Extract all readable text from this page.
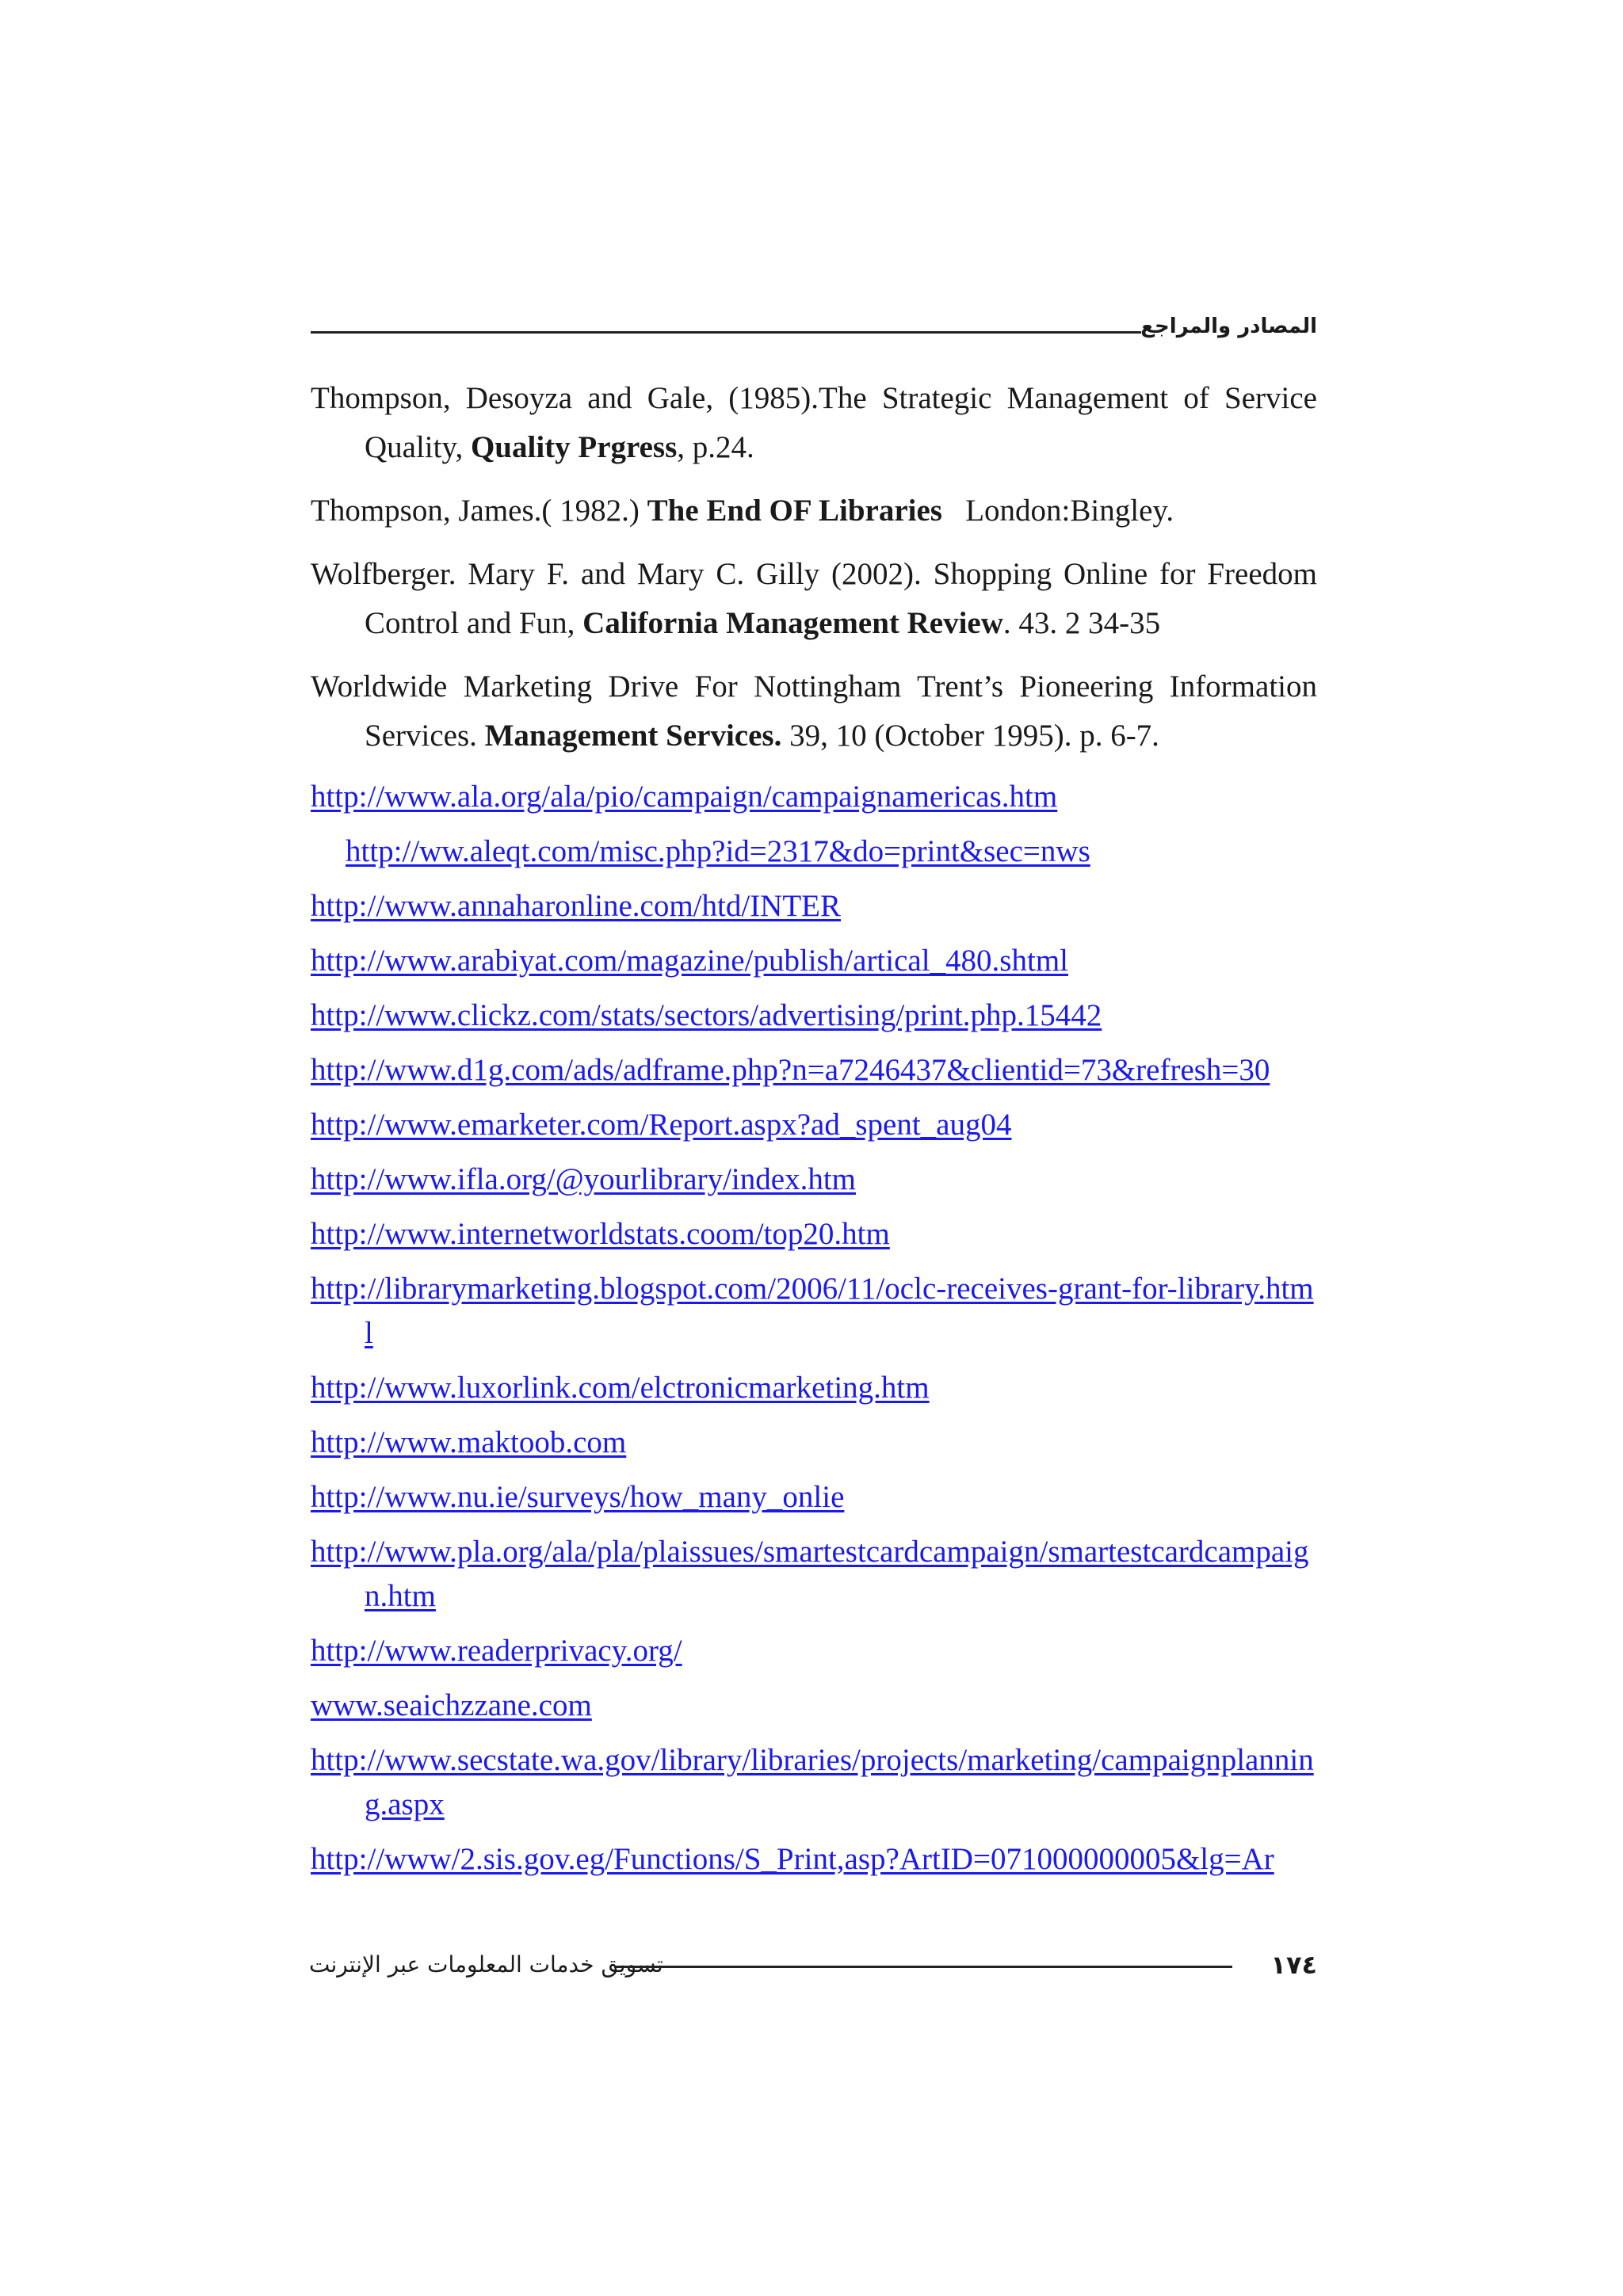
المصادر والمراجع

Thompson, Desoyza and Gale, (1985).The Strategic Management of Service Quality, Quality Prgress, p.24.

Thompson, James.( 1982.) The End OF Libraries   London:Bingley.

Wolfberger. Mary F. and Mary C. Gilly (2002). Shopping Online for Freedom Control and Fun, California Management Review. 43. 2 34-35

Worldwide Marketing Drive For Nottingham Trent’s Pioneering Information Services. Management Services. 39, 10 (October 1995). p. 6-7.

http://www.ala.org/ala/pio/campaign/campaignamericas.htm
http://ww.aleqt.com/misc.php?id=2317&do=print&sec=nws
http://www.annaharonline.com/htd/INTER
http://www.arabiyat.com/magazine/publish/artical_480.shtml
http://www.clickz.com/stats/sectors/advertising/print.php.15442
http://www.d1g.com/ads/adframe.php?n=a7246437&clientid=73&refresh=30
http://www.emarketer.com/Report.aspx?ad_spent_aug04
http://www.ifla.org/@yourlibrary/index.htm
http://www.internetworldstats.coom/top20.htm
http://librarymarketing.blogspot.com/2006/11/oclc-receives-grant-for-library.html
http://www.luxorlink.com/elctronicmarketing.htm
http://www.maktoob.com
http://www.nu.ie/surveys/how_many_onlie
http://www.pla.org/ala/pla/plaissues/smartestcardcampaign/smartestcardcampaign.htm
http://www.readerprivacy.org/
www.seaichzzane.com
http://www.secstate.wa.gov/library/libraries/projects/marketing/campaignplanning.aspx
http://www/2.sis.gov.eg/Functions/S_Print,asp?ArtID=071000000005&lg=Ar
تسويق خدمات المعلومات عبر الإنترنت	١٧٤
